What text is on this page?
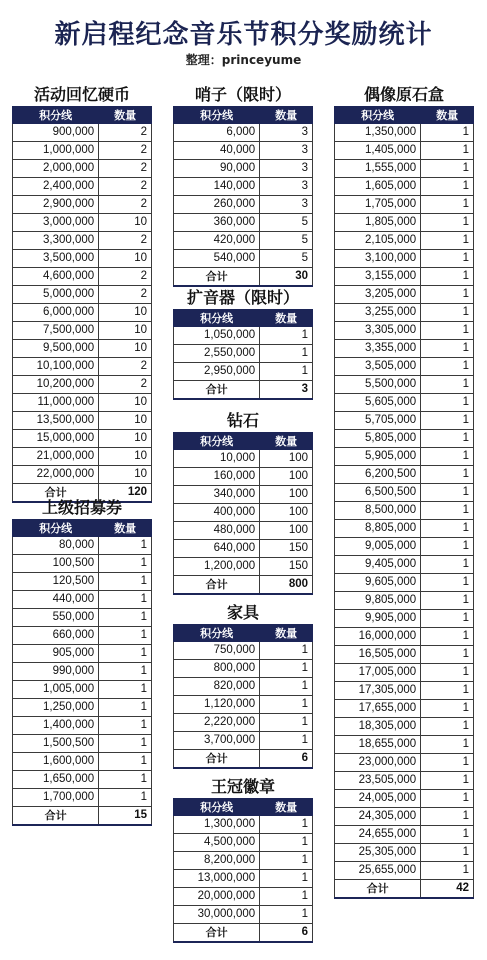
新启程纪念音乐节积分奖励统计
整理：princeyume
活动回忆硬币
积分线	数量
900,000	2
1,000,000	2
2,000,000	2
2,400,000	2
2,900,000	2
3,000,000	10
3,300,000	2
3,500,000	10
4,600,000	2
5,000,000	2
6,000,000	10
7,500,000	10
9,500,000	10
10,100,000	2
10,200,000	2
11,000,000	10
13,500,000	10
15,000,000	10
21,000,000	10
22,000,000	10
合计	120
上级招募券
积分线	数量
80,000	1
100,500	1
120,500	1
440,000	1
550,000	1
660,000	1
905,000	1
990,000	1
1,005,000	1
1,250,000	1
1,400,000	1
1,500,500	1
1,600,000	1
1,650,000	1
1,700,000	1
合计	15
哨子（限时）
积分线	数量
6,000	3
40,000	3
90,000	3
140,000	3
260,000	3
360,000	5
420,000	5
540,000	5
合计	30
扩音器（限时）
积分线	数量
1,050,000	1
2,550,000	1
2,950,000	1
合计	3
钻石
积分线	数量
10,000	100
160,000	100
340,000	100
400,000	100
480,000	100
640,000	150
1,200,000	150
合计	800
家具
积分线	数量
750,000	1
800,000	1
820,000	1
1,120,000	1
2,220,000	1
3,700,000	1
合计	6
王冠徽章
积分线	数量
1,300,000	1
4,500,000	1
8,200,000	1
13,000,000	1
20,000,000	1
30,000,000	1
合计	6
偶像原石盒
积分线	数量
1,350,000	1
1,405,000	1
1,555,000	1
1,605,000	1
1,705,000	1
1,805,000	1
2,105,000	1
3,100,000	1
3,155,000	1
3,205,000	1
3,255,000	1
3,305,000	1
3,355,000	1
3,505,000	1
5,500,000	1
5,605,000	1
5,705,000	1
5,805,000	1
5,905,000	1
6,200,500	1
6,500,500	1
8,500,000	1
8,805,000	1
9,005,000	1
9,405,000	1
9,605,000	1
9,805,000	1
9,905,000	1
16,000,000	1
16,505,000	1
17,005,000	1
17,305,000	1
17,655,000	1
18,305,000	1
18,655,000	1
23,000,000	1
23,505,000	1
24,005,000	1
24,305,000	1
24,655,000	1
25,305,000	1
25,655,000	1
合计	42
